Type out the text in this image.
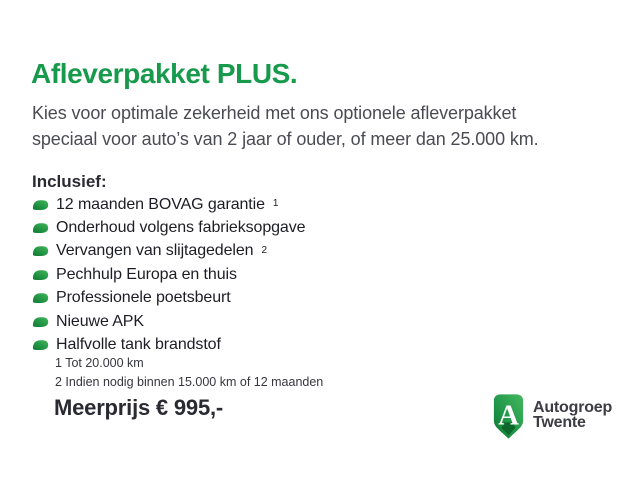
Afleverpakket PLUS.

Kies voor optimale zekerheid met ons optionele afleverpakket
speciaal voor auto’s van 2 jaar of ouder, of meer dan 25.000 km.

Inclusief:
12 maanden BOVAG garantie $^1$
Onderhoud volgens fabrieksopgave
Vervangen van slijtagedelen $^2$
Pechhulp Europa en thuis
Professionele poetsbeurt
Nieuwe APK
Halfvolle tank brandstof
1 Tot 20.000 km
2 Indien nodig binnen 15.000 km of 12 maanden
Meerprijs € 995,-	A Autogroep
Twente
